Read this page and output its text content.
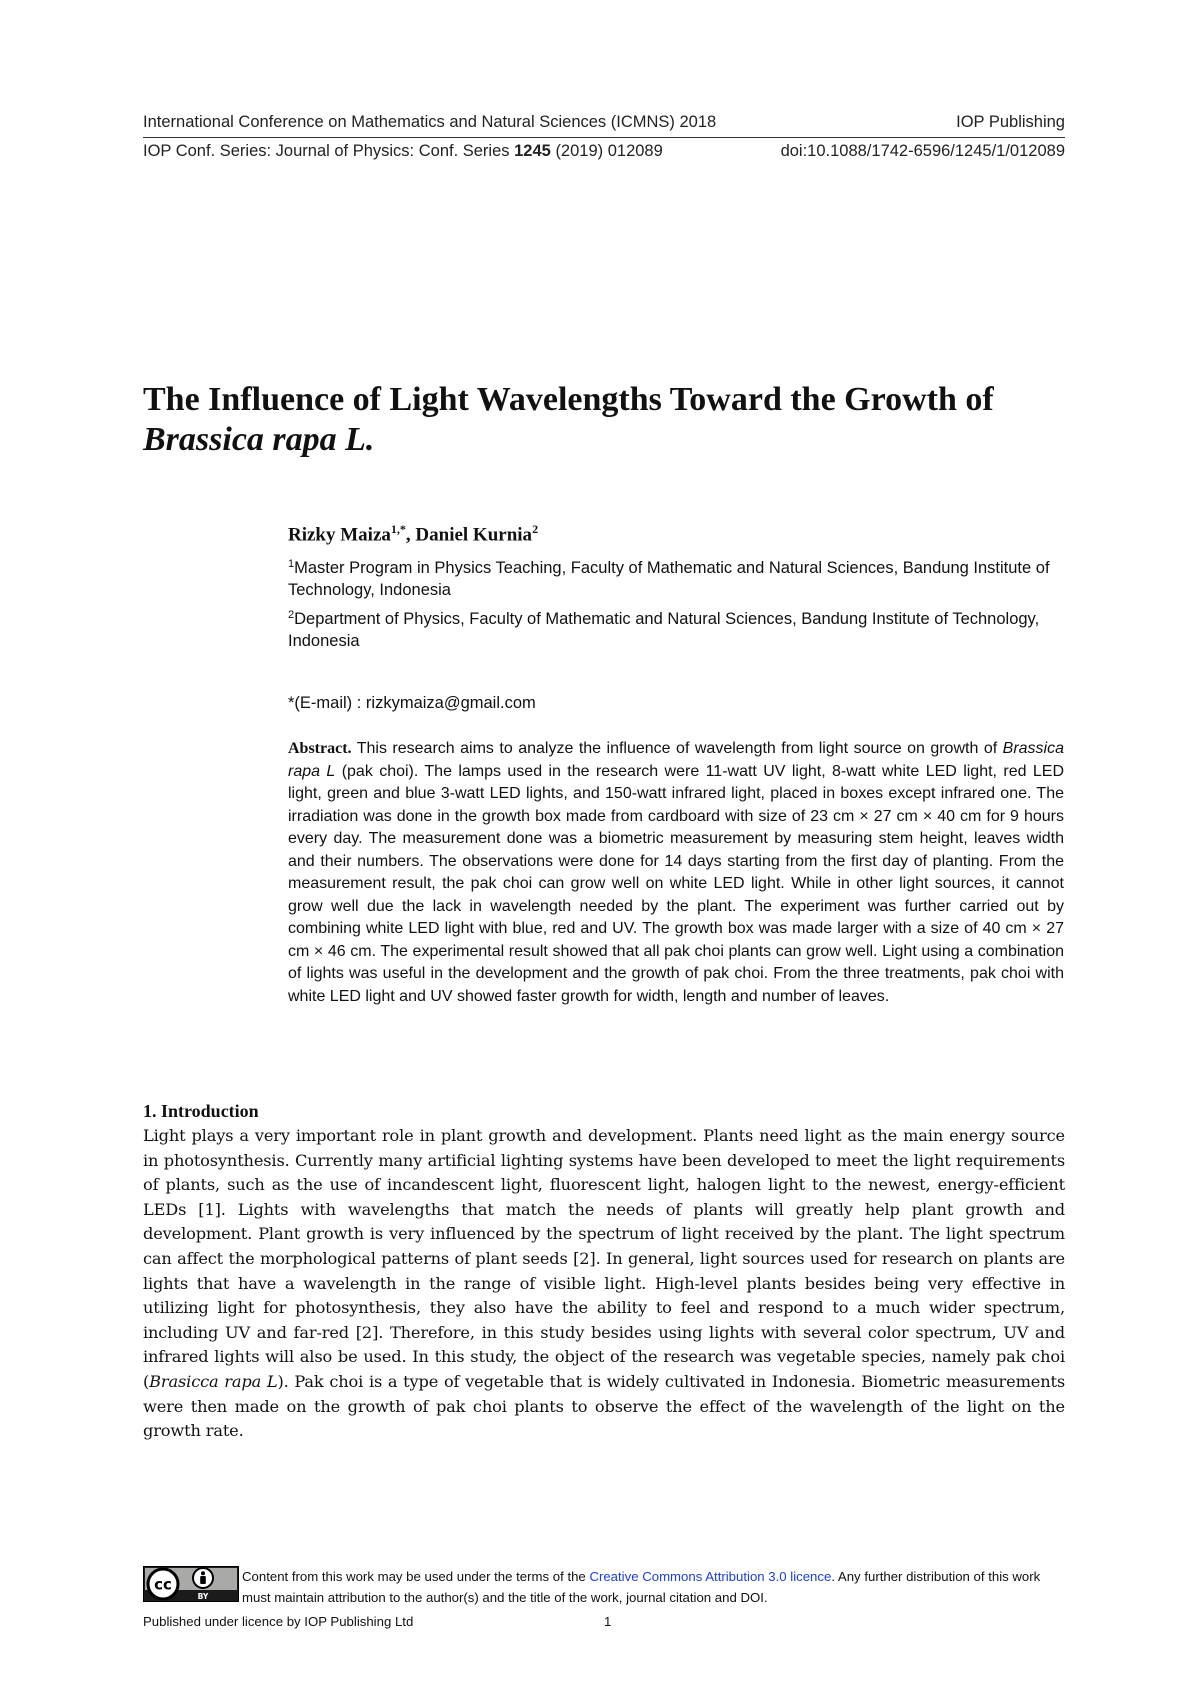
International Conference on Mathematics and Natural Sciences (ICMNS) 2018	IOP Publishing
IOP Conf. Series: Journal of Physics: Conf. Series 1245 (2019) 012089	doi:10.1088/1742-6596/1245/1/012089
The Influence of Light Wavelengths Toward the Growth of
Brassica rapa L.
Rizky Maiza$^{1,*}$, Daniel Kurnia$^2$
$^1$Master Program in Physics Teaching, Faculty of Mathematic and Natural Sciences, Bandung Institute of Technology, Indonesia
$^2$Department of Physics, Faculty of Mathematic and Natural Sciences, Bandung Institute of Technology, Indonesia
*(E-mail) : rizkymaiza@gmail.com

Abstract. This research aims to analyze the influence of wavelength from light source on growth of Brassica rapa L (pak choi). The lamps used in the research were 11-watt UV light, 8-watt white LED light, red LED light, green and blue 3-watt LED lights, and 150-watt infrared light, placed in boxes except infrared one. The irradiation was done in the growth box made from cardboard with size of 23 cm × 27 cm × 40 cm for 9 hours every day. The measurement done was a biometric measurement by measuring stem height, leaves width and their numbers. The observations were done for 14 days starting from the first day of planting. From the measurement result, the pak choi can grow well on white LED light. While in other light sources, it cannot grow well due the lack in wavelength needed by the plant. The experiment was further carried out by combining white LED light with blue, red and UV. The growth box was made larger with a size of 40 cm × 27 cm × 46 cm. The experimental result showed that all pak choi plants can grow well. Light using a combination of lights was useful in the development and the growth of pak choi. From the three treatments, pak choi with white LED light and UV showed faster growth for width, length and number of leaves.

1. Introduction

Light plays a very important role in plant growth and development. Plants need light as the main energy source in photosynthesis. Currently many artificial lighting systems have been developed to meet the light requirements of plants, such as the use of incandescent light, fluorescent light, halogen light to the newest, energy-efficient LEDs [1]. Lights with wavelengths that match the needs of plants will greatly help plant growth and development. Plant growth is very influenced by the spectrum of light received by the plant. The light spectrum can affect the morphological patterns of plant seeds [2]. In general, light sources used for research on plants are lights that have a wavelength in the range of visible light. High-level plants besides being very effective in utilizing light for photosynthesis, they also have the ability to feel and respond to a much wider spectrum, including UV and far-red [2]. Therefore, in this study besides using lights with several color spectrum, UV and infrared lights will also be used. In this study, the object of the research was vegetable species, namely pak choi (Brasicca rapa L). Pak choi is a type of vegetable that is widely cultivated in Indonesia. Biometric measurements were then made on the growth of pak choi plants to observe the effect of the wavelength of the light on the growth rate.

cc
BY
Content from this work may be used under the terms of the Creative Commons Attribution 3.0 licence. Any further distribution of this work must maintain attribution to the author(s) and the title of the work, journal citation and DOI.
Published under licence by IOP Publishing Ltd	1
